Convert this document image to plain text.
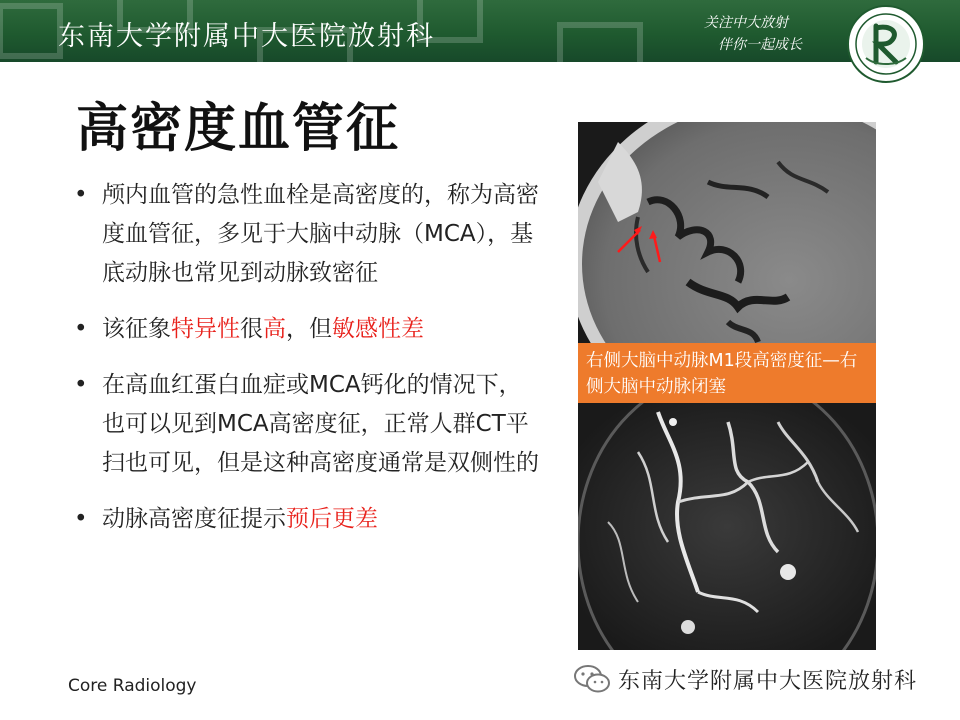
东南大学附属中大医院放射科	关注中大放射
伴你一起成长
高密度血管征
• 颅内血管的急性血栓是高密度的，称为高密度血管征，多见于大脑中动脉（MCA），基底动脉也常见到动脉致密征
• 该征象特异性很高，但敏感性差
• 在高血红蛋白血症或MCA钙化的情况下，也可以见到MCA高密度征，正常人群CT平扫也可见，但是这种高密度通常是双侧性的
• 动脉高密度征提示预后更差
右侧大脑中动脉M1段高密度征—右侧大脑中动脉闭塞
Core Radiology	东南大学附属中大医院放射科
